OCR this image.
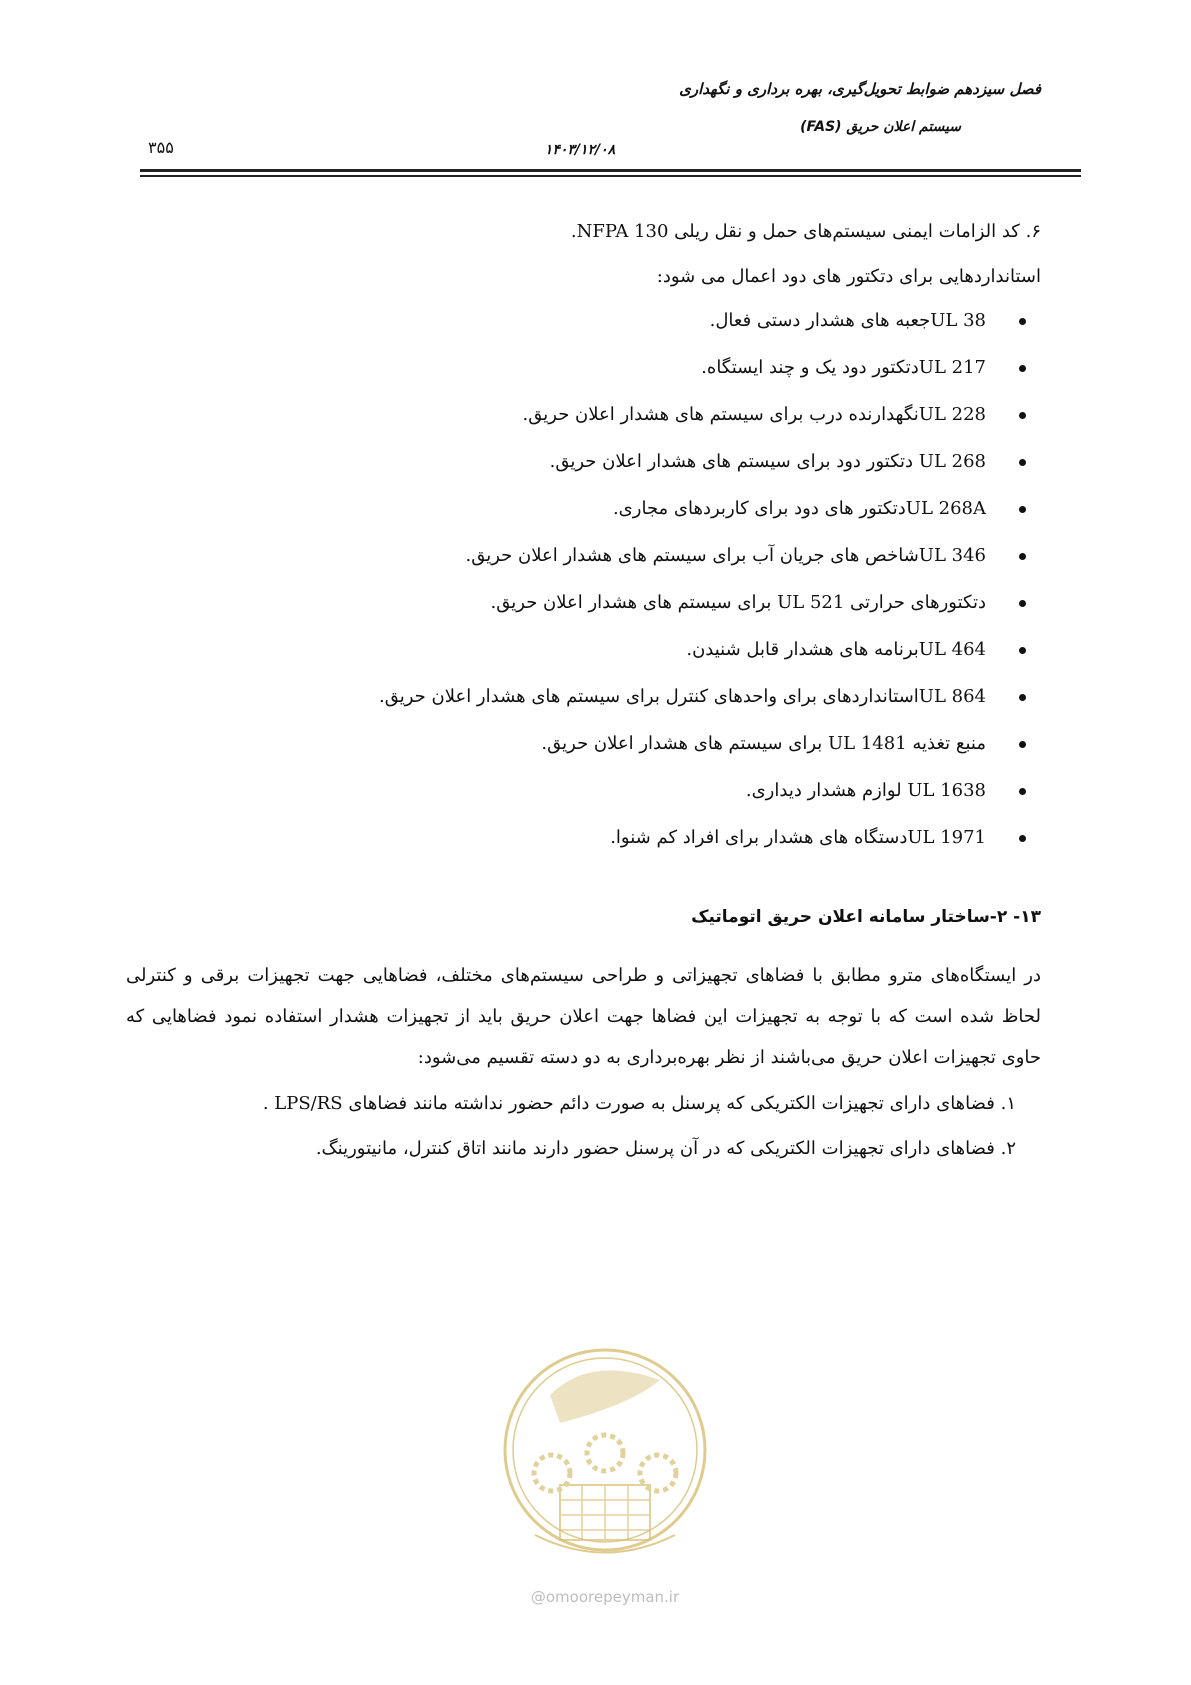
فصل سیزدهم ضوابط تحویل‌گیری، بهره برداری و نگهداری
سیستم اعلان حریق (FAS)
۱۴۰۳/۱۲/۰۸
۳۵۵
۶. کد الزامات ایمنی سیستم‌های حمل و نقل ریلی NFPA 130.
استانداردهایی برای دتکتور های دود اعمال می شود:
UL 38جعبه های هشدار دستی فعال.
UL 217دتکتور دود یک و چند ایستگاه.
UL 228نگهدارنده درب برای سیستم های هشدار اعلان حریق.
UL 268 دتکتور دود برای سیستم های هشدار اعلان حریق.
UL 268Aدتکتور های دود برای کاربردهای مجاری.
UL 346شاخص های جریان آب برای سیستم های هشدار اعلان حریق.
دتکتورهای حرارتی UL 521 برای سیستم های هشدار اعلان حریق.
UL 464برنامه های هشدار قابل شنیدن.
UL 864استانداردهای برای واحدهای کنترل برای سیستم های هشدار اعلان حریق.
منبع تغذیه UL 1481 برای سیستم های هشدار اعلان حریق.
UL 1638 لوازم هشدار دیداری.
UL 1971دستگاه های هشدار برای افراد کم شنوا.
۱۳- ۲-ساختار سامانه اعلان حریق اتوماتیک
در ایستگاه‌های مترو مطابق با فضاهای تجهیزاتی و طراحی سیستم‌های مختلف، فضاهایی جهت تجهیزات برقی و کنترلی لحاظ شده است که با توجه به تجهیزات این فضاها جهت اعلان حریق باید از تجهیزات هشدار استفاده نمود فضاهایی که حاوی تجهیزات اعلان حریق می‌باشند از نظر بهره‌برداری به دو دسته تقسیم می‌شود:
۱. فضاهای دارای تجهیزات الکتریکی که پرسنل به صورت دائم حضور نداشته مانند فضاهای LPS/RS .
۲. فضاهای دارای تجهیزات الکتریکی که در آن پرسنل حضور دارند مانند اتاق کنترل، مانیتورینگ.
@omoorepeyman.ir
